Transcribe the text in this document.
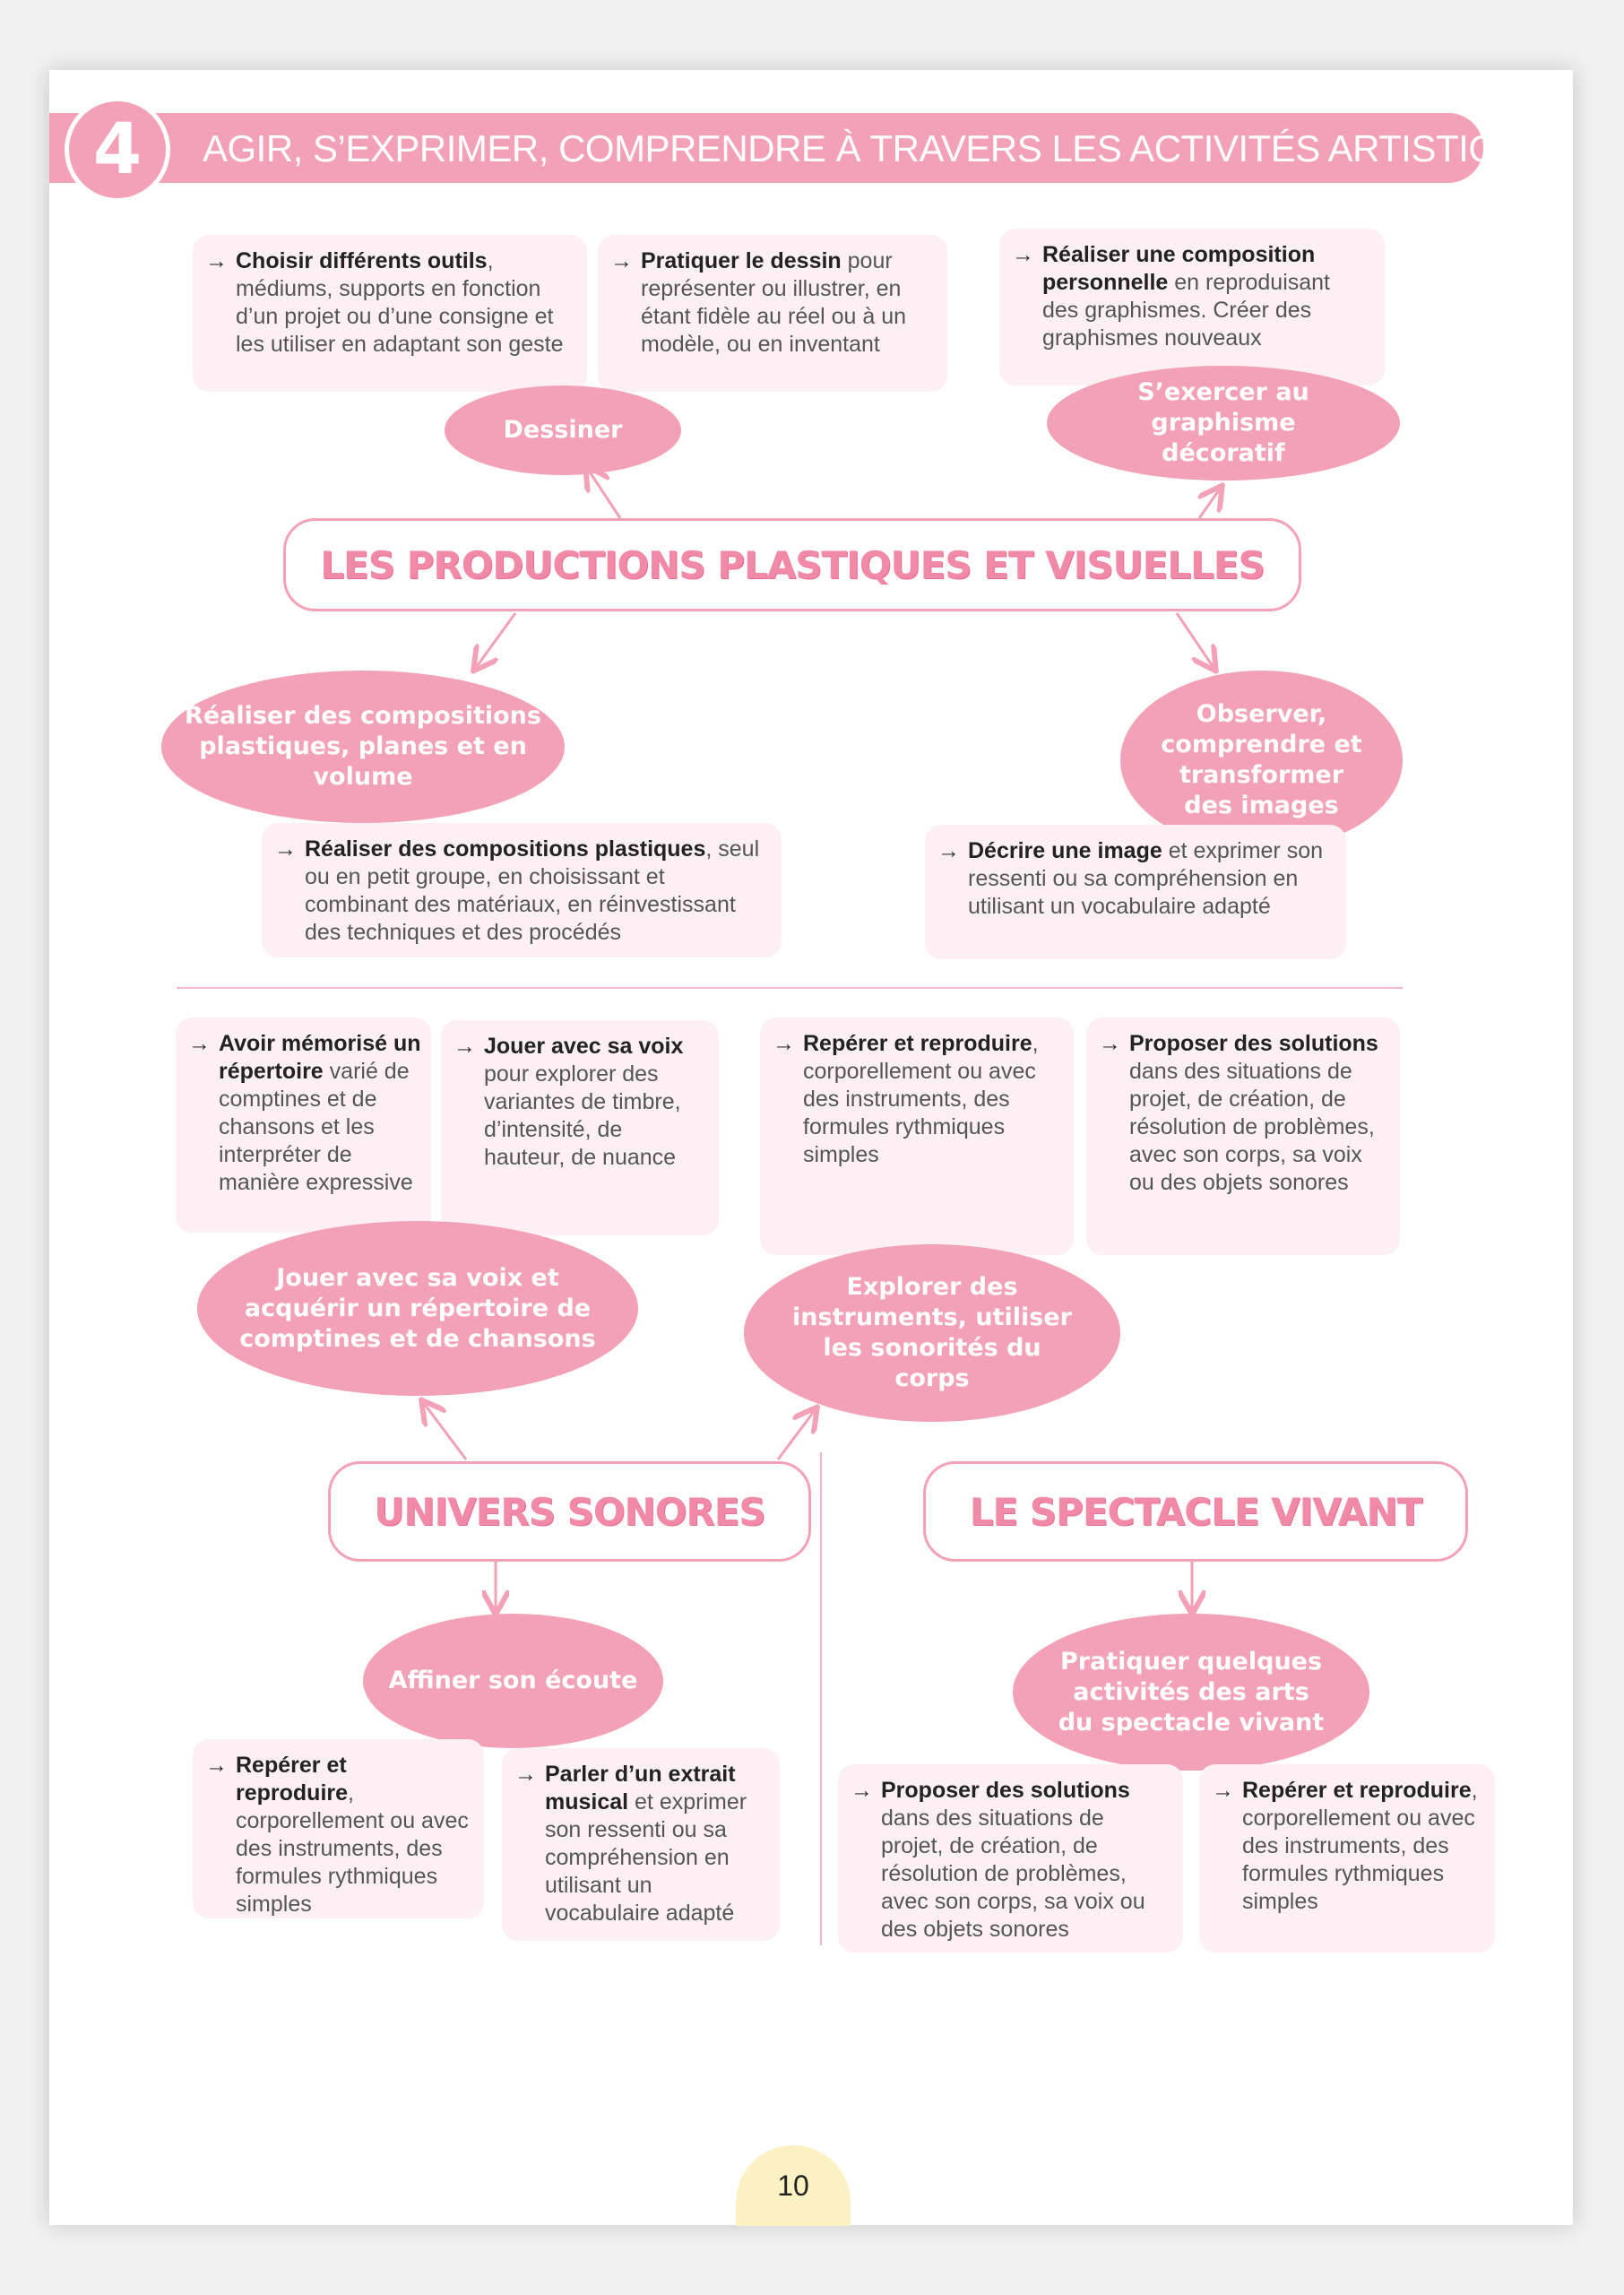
4	AGIR, S’EXPRIMER, COMPRENDRE À TRAVERS LES ACTIVITÉS ARTISTIQUES
→ Choisir différents outils, médiums, supports en fonction d’un projet ou d’une consigne et les utiliser en adaptant son geste
→ Pratiquer le dessin pour représenter ou illustrer, en étant fidèle au réel ou à un modèle, ou en inventant
→ Réaliser une composition personnelle en reproduisant des graphismes. Créer des graphismes nouveaux
Dessiner
S’exercer au graphisme décoratif
LES PRODUCTIONS PLASTIQUES ET VISUELLES
Réaliser des compositions plastiques, planes et en volume
Observer, comprendre et transformer des images
→ Réaliser des compositions plastiques, seul ou en petit groupe, en choisissant et combinant des matériaux, en réinvestissant des techniques et des procédés
→ Décrire une image et exprimer son ressenti ou sa compréhension en utilisant un vocabulaire adapté
→ Avoir mémorisé un répertoire varié de comptines et de chansons et les interpréter de manière expressive
→ Jouer avec sa voix pour explorer des variantes de timbre, d’intensité, de hauteur, de nuance
→ Repérer et reproduire, corporellement ou avec des instruments, des formules rythmiques simples
→ Proposer des solutions dans des situations de projet, de création, de résolution de problèmes, avec son corps, sa voix ou des objets sonores
Jouer avec sa voix et acquérir un répertoire de comptines et de chansons
Explorer des instruments, utiliser les sonorités du corps
UNIVERS SONORES	LE SPECTACLE VIVANT
Affiner son écoute
Pratiquer quelques activités des arts du spectacle vivant
→ Repérer et reproduire, corporellement ou avec des instruments, des formules rythmiques simples
→ Parler d’un extrait musical et exprimer son ressenti ou sa compréhension en utilisant un vocabulaire adapté
→ Proposer des solutions dans des situations de projet, de création, de résolution de problèmes, avec son corps, sa voix ou des objets sonores
→ Repérer et reproduire, corporellement ou avec des instruments, des formules rythmiques simples
10
